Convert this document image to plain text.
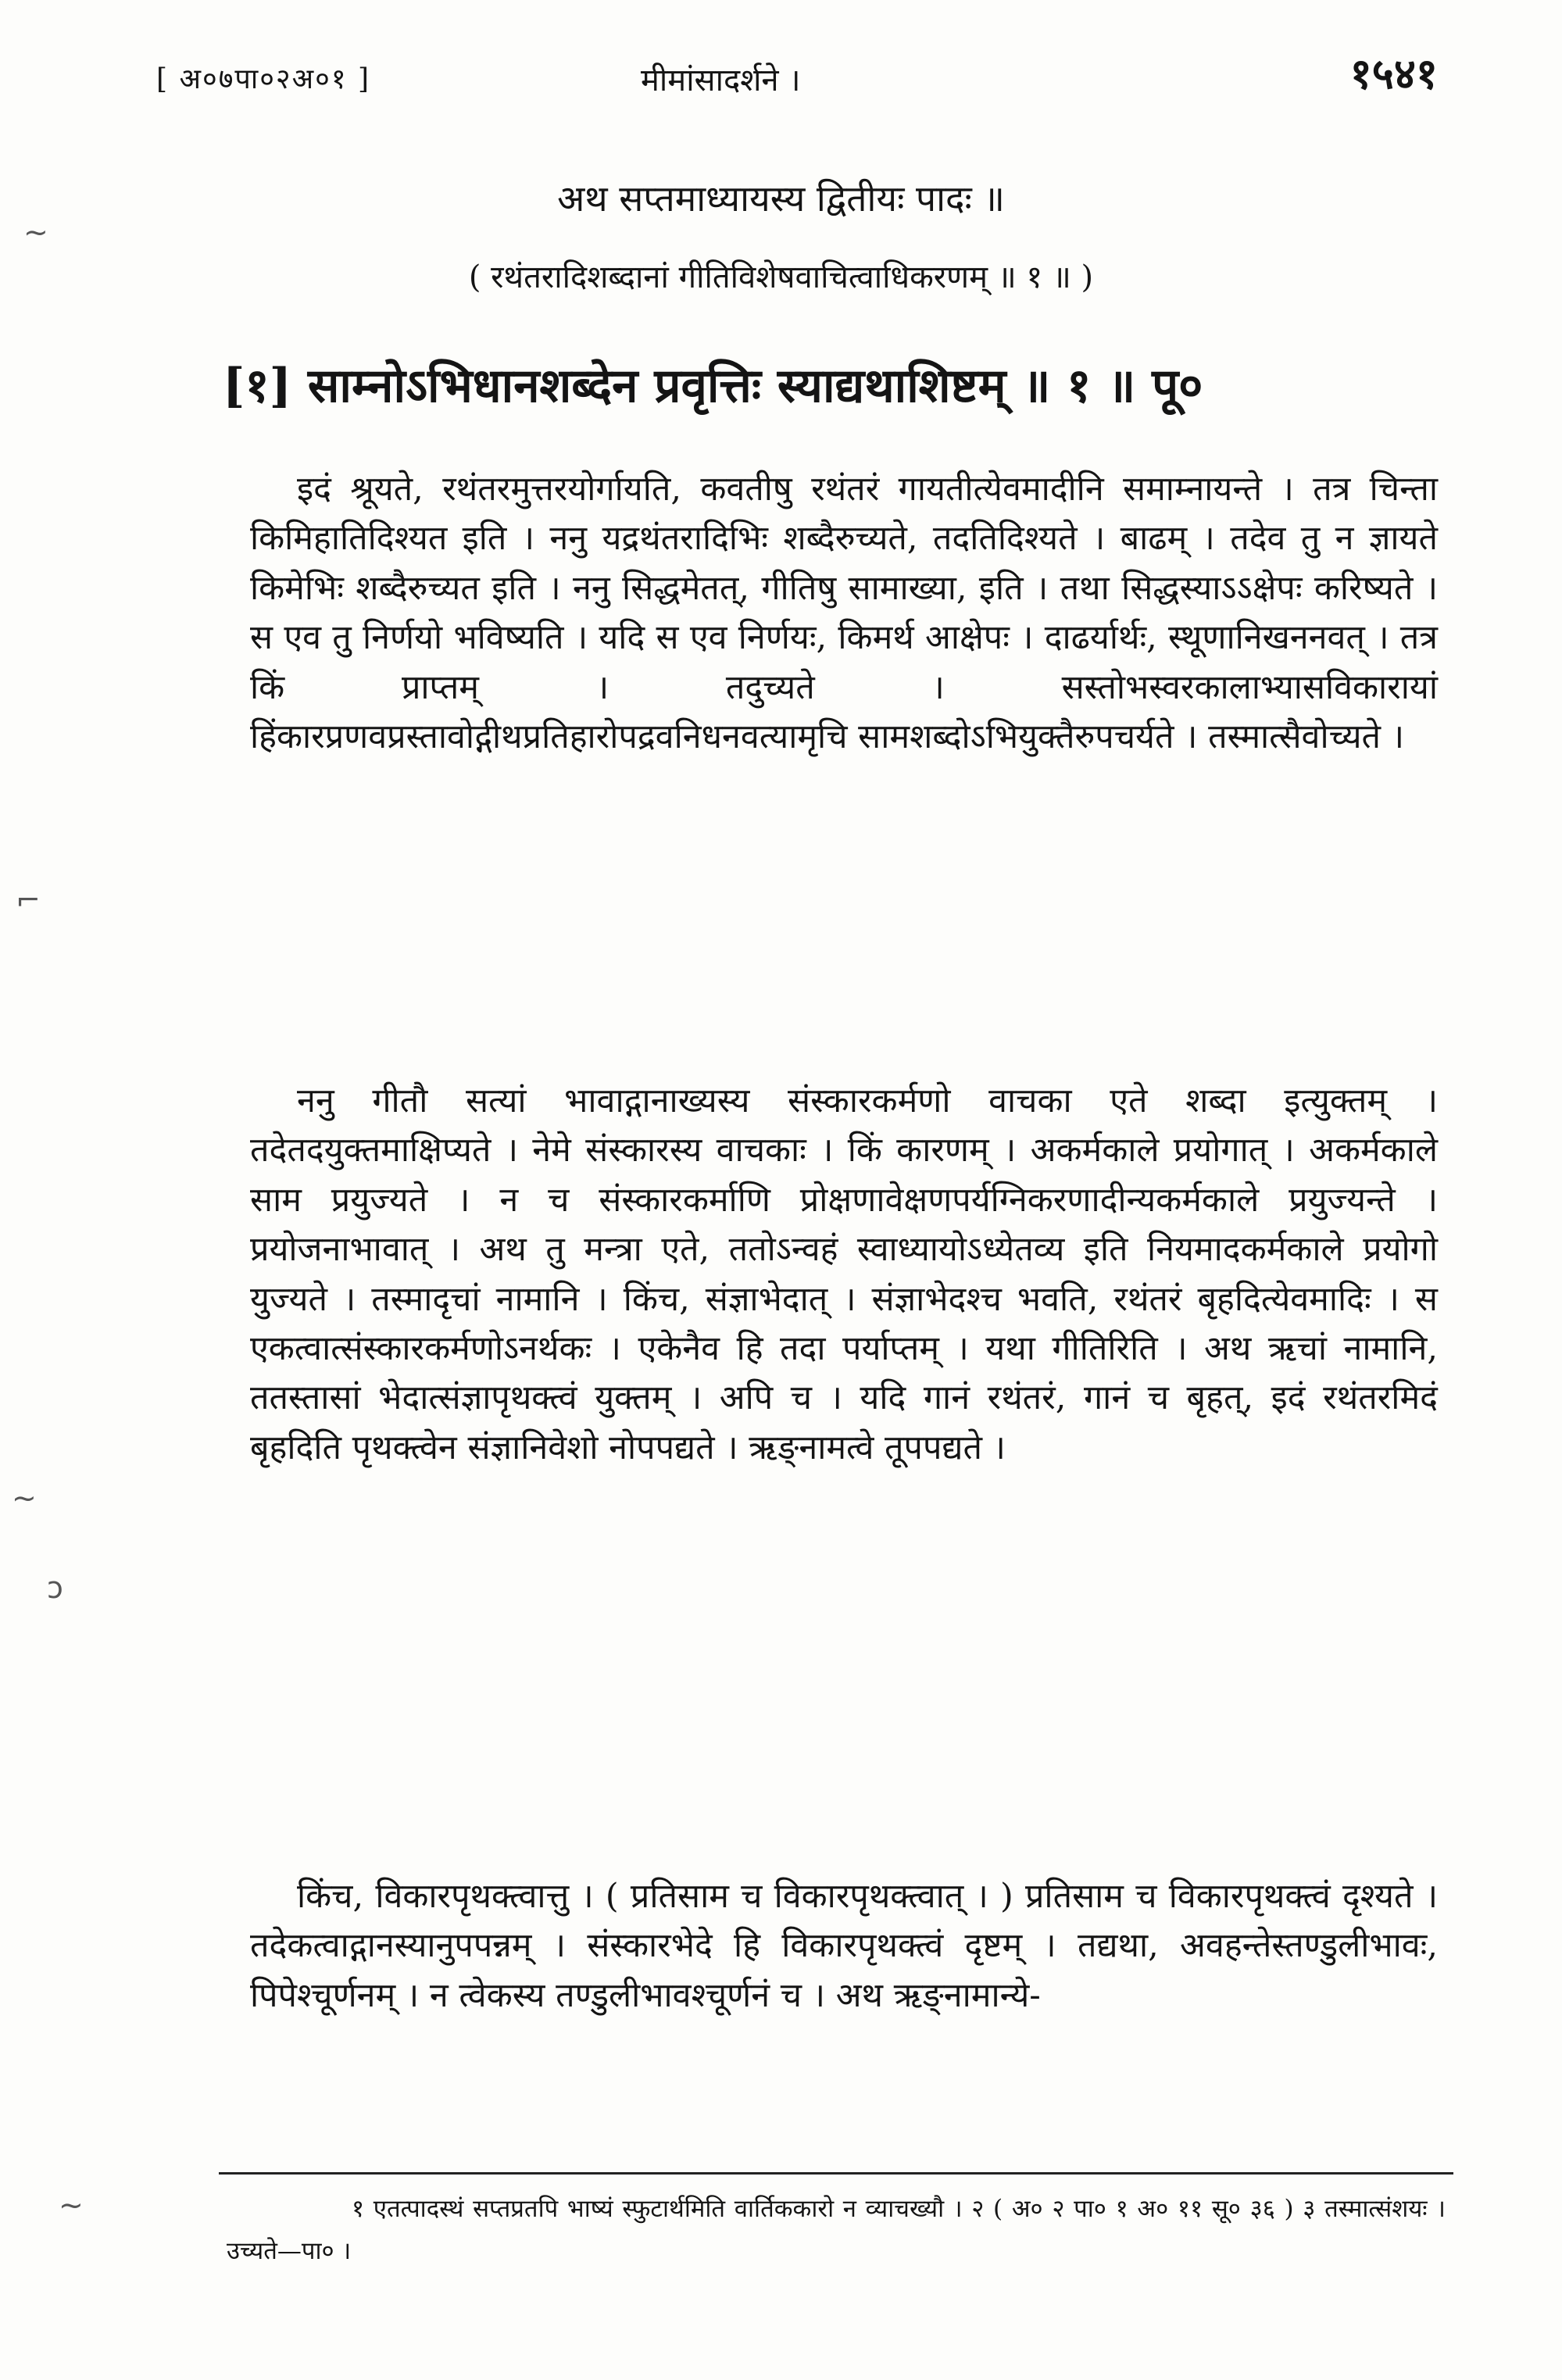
[ अ०७पा०२अ०१ ]	मीमांसादर्शने ।	१५४१
अथ सप्तमाध्यायस्य द्वितीयः पादः ॥
( रथंतरादिशब्दानां गीतिविशेषवाचित्वाधिकरणम् ॥ १ ॥ )
[१] साम्नोऽभिधानशब्देन प्रवृत्तिः स्याद्यथाशिष्टम् ॥ १ ॥ पू०
इदं श्रूयते, रथंतरमुत्तरयोर्गायति, कवतीषु रथंतरं गायतीत्येवमादीनि समाम्नायन्ते । तत्र चिन्ता किमिहातिदिश्यत इति । ननु यद्रथंतरादिभिः शब्दैरुच्यते, तदतिदिश्यते । बाढम् । तदेव तु न ज्ञायते किमेभिः शब्दैरुच्यत इति । ननु सिद्धमेतत्, गीतिषु सामाख्या, इति । तथा सिद्धस्याऽऽक्षेपः करिष्यते । स एव तु निर्णयो भविष्यति । यदि स एव निर्णयः, किमर्थ आक्षेपः । दाढर्यार्थः, स्थूणानिखननवत् । तत्र किं प्राप्तम् । तदुच्यते । सस्तोभस्वरकालाभ्यासविकारायां हिंकारप्रणवप्रस्तावोद्गीथप्रतिहारोपद्रवनिधनवत्यामृचि सामशब्दोऽभियुक्तैरुपचर्यते । तस्मात्सैवोच्यते ।
ननु गीतौ सत्यां भावाद्गानाख्यस्य संस्कारकर्मणो वाचका एते शब्दा इत्युक्तम् । तदेतदयुक्तमाक्षिप्यते । नेमे संस्कारस्य वाचकाः । किं कारणम् । अकर्मकाले प्रयोगात् । अकर्मकाले साम प्रयुज्यते । न च संस्कारकर्माणि प्रोक्षणावेक्षणपर्यग्निकरणादीन्यकर्मकाले प्रयुज्यन्ते । प्रयोजनाभावात् । अथ तु मन्त्रा एते, ततोऽन्वहं स्वाध्यायोऽध्येतव्य इति नियमादकर्मकाले प्रयोगो युज्यते । तस्मादृचां नामानि । किंच, संज्ञाभेदात् । संज्ञाभेदश्च भवति, रथंतरं बृहदित्येवमादिः । स एकत्वात्संस्कारकर्मणोऽनर्थकः । एकेनैव हि तदा पर्याप्तम् । यथा गीतिरिति । अथ ऋचां नामानि, ततस्तासां भेदात्संज्ञापृथक्त्वं युक्तम् । अपि च । यदि गानं रथंतरं, गानं च बृहत्, इदं रथंतरमिदं बृहदिति पृथक्त्वेन संज्ञानिवेशो नोपपद्यते । ऋङ्नामत्वे तूपपद्यते ।
किंच, विकारपृथक्त्वात्तु । ( प्रतिसाम च विकारपृथक्त्वात् । ) प्रतिसाम च विकारपृथक्त्वं दृश्यते । तदेकत्वाद्गानस्यानुपपन्नम् । संस्कारभेदे हि विकारपृथक्त्वं दृष्टम् । तद्यथा, अवहन्तेस्तण्डुलीभावः, पिपेश्चूर्णनम् । न त्वेकस्य तण्डुलीभावश्चूर्णनं च । अथ ऋङ्नामान्ये-
१ एतत्पादस्थं सप्तप्रतपि भाष्यं स्फुटार्थमिति वार्तिककारो न व्याचख्यौ । २ ( अ० २ पा० १ अ० ११ सू० ३६ ) ३ तस्मात्संशयः । उच्यते—पा० ।
~
⌐
~
ɔ
~
